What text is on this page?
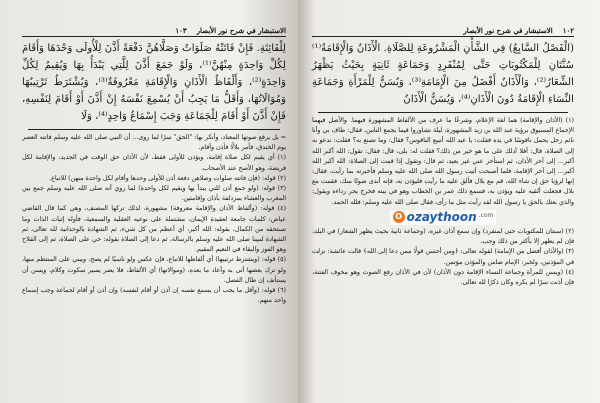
الاستبشار في شرح نور الأبصار
١٠٣
لِلْفَائِتَةِ. فَإِنْ فَاتَتْهُ صَلَوَاتٌ وَصَلَّاهُنَّ دَفْعَةً أَذَّنَ لِلْأُولَى وَحْدَهَا وَأَقَامَ لِكُلِّ وَاحِدَةٍ مِنْهُنَّ⁽¹⁾، وَلَوْ جَمَعَ أَذَّنَ لِلَّتِي يَبْدَأُ بِهَا وَيُقِيمُ لِكُلِّ وَاحِدَةٍ⁽²⁾، وَأَلْفَاظُ الْأَذَانِ وَالْإِقَامَةِ مَعْرُوفَةٌ⁽³⁾، وَيُشْتَرَطُ تَرْتِيبُهَا وَمُوَالَاتُهَا، وَأَقَلُّ مَا يَجِبُ أَنْ يُسْمِعَ نَفْسَهُ إِنْ أَذَّنَ أَوْ أَقَامَ لِنَفْسِهِ، فَإِنْ أَذَّنَ أَوْ أَقَامَ لِلْجَمَاعَةِ وَجَبَ إِسْمَاعُ وَاحِدٍ⁽⁴⁾، وَلَا

= بل يرفع صوتها المعتاد، وأنكر بها: "الحق" سرًا لما روى... أن النبي صلى الله عليه وسلم فاتته العصر يوم الخندق، فأمر بلالًا فأذن وأقام.

(١) أي يقيم لكل صلاة إقامة، ويؤذن للأولى فقط، لأن الأذان حق الوقت في الجديد، والإقامة لكل فريضة، وهو الأصح عند الأصحاب.

(٢) قوله: (فإن فاتته صلوات وصلاهن دفعة أذن للأولى وحدها وأقام لكل واحدة منهن) للاتباع.

(٣) قوله: (ولو جمع أذن للتي يبدأ بها ويقيم لكل واحدة) لما روي أنه صلى الله عليه وسلم جمع بين المغرب والعشاء بمزدلفة بأذان وإقامتين.

(٤) قوله: (وألفاظ الأذان والإقامة معروفة) مشهورة، لذلك تركها المصنف، وهي كما قال القاضي عياض: كلمات جامعة لعقيدة الإيمان، مشتملة على نوعيه العقلية والسمعية، فأوله إثبات الذات وما تستحقه من الكمال، بقوله: الله أكبر، أي أعظم من كل شيء، ثم الشهادة بالوحدانية لله تعالى، ثم الشهادة لنبينا صلى الله عليه وسلم بالرسالة، ثم دعا إلى الصلاة بقوله: حي على الصلاة، ثم إلى الفلاح وهو الفوز والبقاء في النعيم المقيم.

(٥) قوله: (ويشترط ترتيبها) أي ألفاظها للاتباع، فإن عكس ولو ناسيًا لم يصح، ويبني على المنتظم منها، ولو ترك بعضها أتى به وأعاد ما بعده، (وموالاتها) أي الألفاظ، فلا يضر يسير سكوت وكلام، ويسن أن يستأنف إن طال الفصل.

(٦) قوله: (وأقل ما يجب أن يسمع نفسه إن أذن أو أقام لنفسه) وإن أذن أو أقام لجماعة وجب إسماع واحد منهم.

١٠٢
الاستبشار في شرح نور الأبصار
(الْفَصْلُ السَّابِعُ) فِي الشَّأْنِ الْمَشْرُوعَةِ لِلصَّلَاةِ. الْأَذَانُ وَالْإِقَامَةُ⁽¹⁾ سُنَّتَانِ لِلْمَكْتُوبَاتِ حَتَّى لِمُنْفَرِدٍ وَجَمَاعَةٍ ثَانِيَةٍ بِحَيْثُ يَظْهَرُ الشِّعَارُ⁽²⁾، وَالْأَذَانُ أَفْضَلُ مِنَ الْإِمَامَةِ⁽³⁾، وَيُسَنُّ لِلْمَرْأَةِ وَجَمَاعَةِ النِّسَاءِ الْإِقَامَةُ دُونَ الْأَذَانِ⁽⁴⁾، وَيُسَنُّ الْأَذَانُ

(١) (الأذان والإقامة) هما لغة الإعلام، وشرعًا ما عرف من الألفاظ المشهورة فيهما. والأصل فيهما الإجماع المسبوق برؤية عبد الله بن زيد المشهورة، ليلة تشاوروا فيما يجمع الناس، فقال: طاف بي وأنا نائم رجل يحمل ناقوسًا في يده فقلت: يا عبد الله أتبيع الناقوس؟ فقال: وما تصنع به؟ فقلت: ندعو به إلى الصلاة، قال: أفلا أدلك على ما هو خير من ذلك؟ فقلت له: بلى، قال: فقال: تقول: الله أكبر الله أكبر... إلى آخر الأذان، ثم استأخر عني غير بعيد، ثم قال: وتقول إذا قمت إلى الصلاة: الله أكبر الله أكبر... إلى آخر الإقامة، فلما أصبحت أتيت رسول الله صلى الله عليه وسلم فأخبرته بما رأيت، فقال: إنها لرؤيا حق إن شاء الله، قم مع بلال فألق عليه ما رأيت فليؤذن به، فإنه أندى صوتًا منك، فقمت مع بلال فجعلت ألقيه عليه ويؤذن به، فسمع ذلك عمر بن الخطاب وهو في بيته فخرج يجر رداءه ويقول: والذي بعثك بالحق يا رسول الله لقد رأيت مثل ما رأى، فقال صلى الله عليه وسلم: فلله الحمد.

O ozaythoon .com

(٢) (سنتان للمكتوبات حتى لمنفرد) وإن سمع أذان غيره، (وجماعة ثانية بحيث يظهر الشعار) في البلد، فإن لم يظهر إلا بأكثر من ذلك وجب.

(٣) (والأذان أفضل من الإمامة) لقوله تعالى: ﴿ومن أحسن قولًا ممن دعا إلى الله﴾ قالت عائشة: نزلت في المؤذنين، ولخبر: الإمام ضامن والمؤذن مؤتمن.

(٤) (ويسن للمرأة وجماعة النساء الإقامة دون الأذان) لأن في الأذان رفع الصوت وهو مخوف الفتنة، فإن أذنت سرًا لم يكره وكان ذكرًا لله تعالى.
